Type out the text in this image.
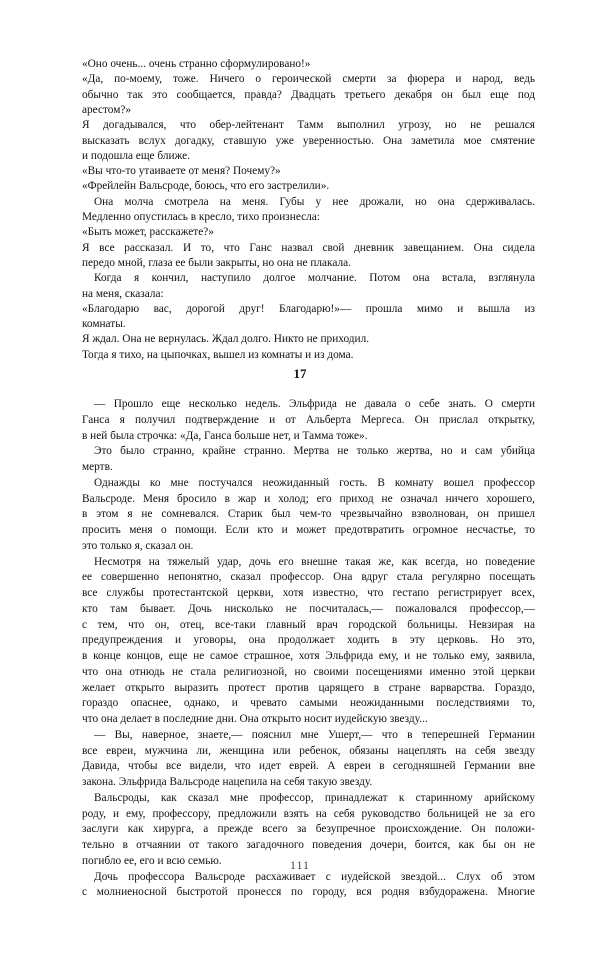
«Оно очень... очень странно сформулировано!»
«Да, по-моему, тоже. Ничего о героической смерти за фюрера и народ, ведь
обычно так это сообщается, правда? Двадцать третьего декабря он был еще под
арестом?»
Я догадывался, что обер-лейтенант Тамм выполнил угрозу, но не решался
высказать вслух догадку, ставшую уже уверенностью. Она заметила мое смятение
и подошла еще ближе.
«Вы что-то утаиваете от меня? Почему?»
«Фрейлейн Вальсроде, боюсь, что его застрелили».
Она молча смотрела на меня. Губы у нее дрожали, но она сдерживалась.
Медленно опустилась в кресло, тихо произнесла:
«Быть может, расскажете?»
Я все рассказал. И то, что Ганс назвал свой дневник завещанием. Она сидела
передо мной, глаза ее были закрыты, но она не плакала.
Когда я кончил, наступило долгое молчание. Потом она встала, взглянула
на меня, сказала:
«Благодарю вас, дорогой друг! Благодарю!»— прошла мимо и вышла из
комнаты.
Я ждал. Она не вернулась. Ждал долго. Никто не приходил.
Тогда я тихо, на цыпочках, вышел из комнаты и из дома.
17
— Прошло еще несколько недель. Эльфрида не давала о себе знать. О смерти
Ганса я получил подтверждение и от Альберта Мергеса. Он прислал открытку,
в ней была строчка: «Да, Ганса больше нет, и Тамма тоже».
Это было странно, крайне странно. Мертва не только жертва, но и сам убийца
мертв.
Однажды ко мне постучался неожиданный гость. В комнату вошел профессор
Вальсроде. Меня бросило в жар и холод; его приход не означал ничего хорошего,
в этом я не сомневался. Старик был чем-то чрезвычайно взволнован, он пришел
просить меня о помощи. Если кто и может предотвратить огромное несчастье, то
это только я, сказал он.
Несмотря на тяжелый удар, дочь его внешне такая же, как всегда, но поведение
ее совершенно непонятно, сказал профессор. Она вдруг стала регулярно посещать
все службы протестантской церкви, хотя известно, что гестапо регистрирует всех,
кто там бывает. Дочь нисколько не посчиталась,— пожаловался профессор,—
с тем, что он, отец, все-таки главный врач городской больницы. Невзирая на
предупреждения и уговоры, она продолжает ходить в эту церковь. Но это,
в конце концов, еще не самое страшное, хотя Эльфрида ему, и не только ему, заявила,
что она отнюдь не стала религиозной, но своими посещениями именно этой церкви
желает открыто выразить протест против царящего в стране варварства. Гораздо,
гораздо опаснее, однако, и чревато самыми неожиданными последствиями то,
что она делает в последние дни. Она открыто носит иудейскую звезду...
— Вы, наверное, знаете,— пояснил мне Ушерт,— что в теперешней Германии
все евреи, мужчина ли, женщина или ребенок, обязаны нацеплять на себя звезду
Давида, чтобы все видели, что идет еврей. А евреи в сегодняшней Германии вне
закона. Эльфрида Вальсроде нацепила на себя такую звезду.
Вальсроды, как сказал мне профессор, принадлежат к старинному арийскому
роду, и ему, профессору, предложили взять на себя руководство больницей не за его
заслуги как хирурга, а прежде всего за безупречное происхождение. Он положи-
тельно в отчаянии от такого загадочного поведения дочери, боится, как бы он не
погибло ее, его и всю семью.
Дочь профессора Вальсроде расхаживает с иудейской звездой... Слух об этом
с молниеносной быстротой пронесся по городу, вся родня взбудоражена. Многие
111
